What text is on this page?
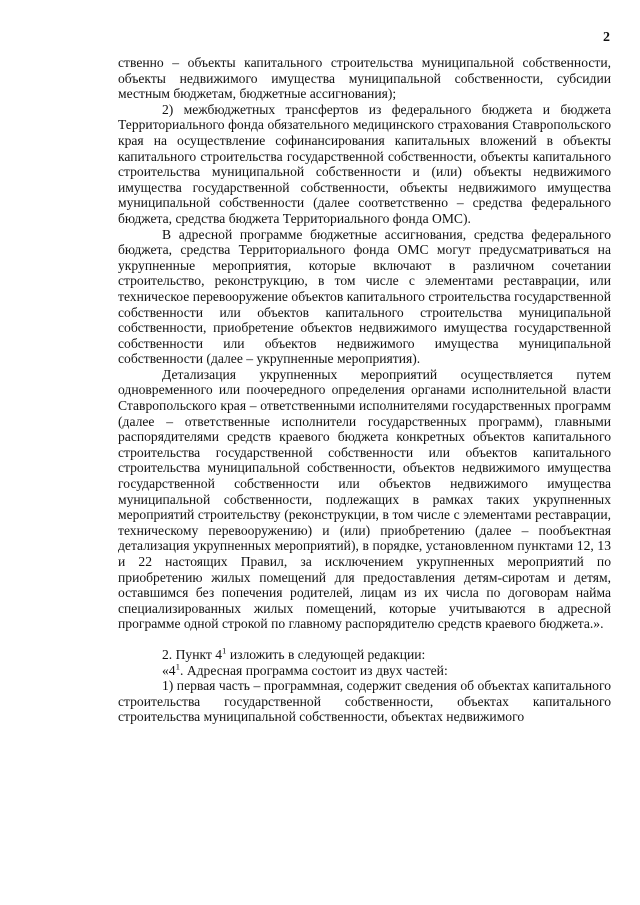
2

ственно – объекты капитального строительства муниципальной собственности, объекты недвижимого имущества муниципальной собственности, субсидии местным бюджетам, бюджетные ассигнования);

2) межбюджетных трансфертов из федерального бюджета и бюджета Территориального фонда обязательного медицинского страхования Ставропольского края на осуществление софинансирования капитальных вложений в объекты капитального строительства государственной собственности, объекты капитального строительства муниципальной собственности и (или) объекты недвижимого имущества государственной собственности, объекты недвижимого имущества муниципальной собственности (далее соответственно – средства федерального бюджета, средства бюджета Территориального фонда ОМС).

В адресной программе бюджетные ассигнования, средства федерального бюджета, средства Территориального фонда ОМС могут предусматриваться на укрупненные мероприятия, которые включают в различном сочетании строительство, реконструкцию, в том числе с элементами реставрации, или техническое перевооружение объектов капитального строительства государственной собственности или объектов капитального строительства муниципальной собственности, приобретение объектов недвижимого имущества государственной собственности или объектов недвижимого имущества муниципальной собственности (далее – укрупненные мероприятия).

Детализация укрупненных мероприятий осуществляется путем одновременного или поочередного определения органами исполнительной власти Ставропольского края – ответственными исполнителями государственных программ (далее – ответственные исполнители государственных программ), главными распорядителями средств краевого бюджета конкретных объектов капитального строительства государственной собственности или объектов капитального строительства муниципальной собственности, объектов недвижимого имущества государственной собственности или объектов недвижимого имущества муниципальной собственности, подлежащих в рамках таких укрупненных мероприятий строительству (реконструкции, в том числе с элементами реставрации, техническому перевооружению) и (или) приобретению (далее – пообъектная детализация укрупненных мероприятий), в порядке, установленном пунктами 12, 13 и 22 настоящих Правил, за исключением укрупненных мероприятий по приобретению жилых помещений для предоставления детям-сиротам и детям, оставшимся без попечения родителей, лицам из их числа по договорам найма специализированных жилых помещений, которые учитываются в адресной программе одной строкой по главному распорядителю средств краевого бюджета.».

2. Пункт $4^1$ изложить в следующей редакции:

«$4^1$. Адресная программа состоит из двух частей:

1) первая часть – программная, содержит сведения об объектах капитального строительства государственной собственности, объектах капитального строительства муниципальной собственности, объектах недвижимого
